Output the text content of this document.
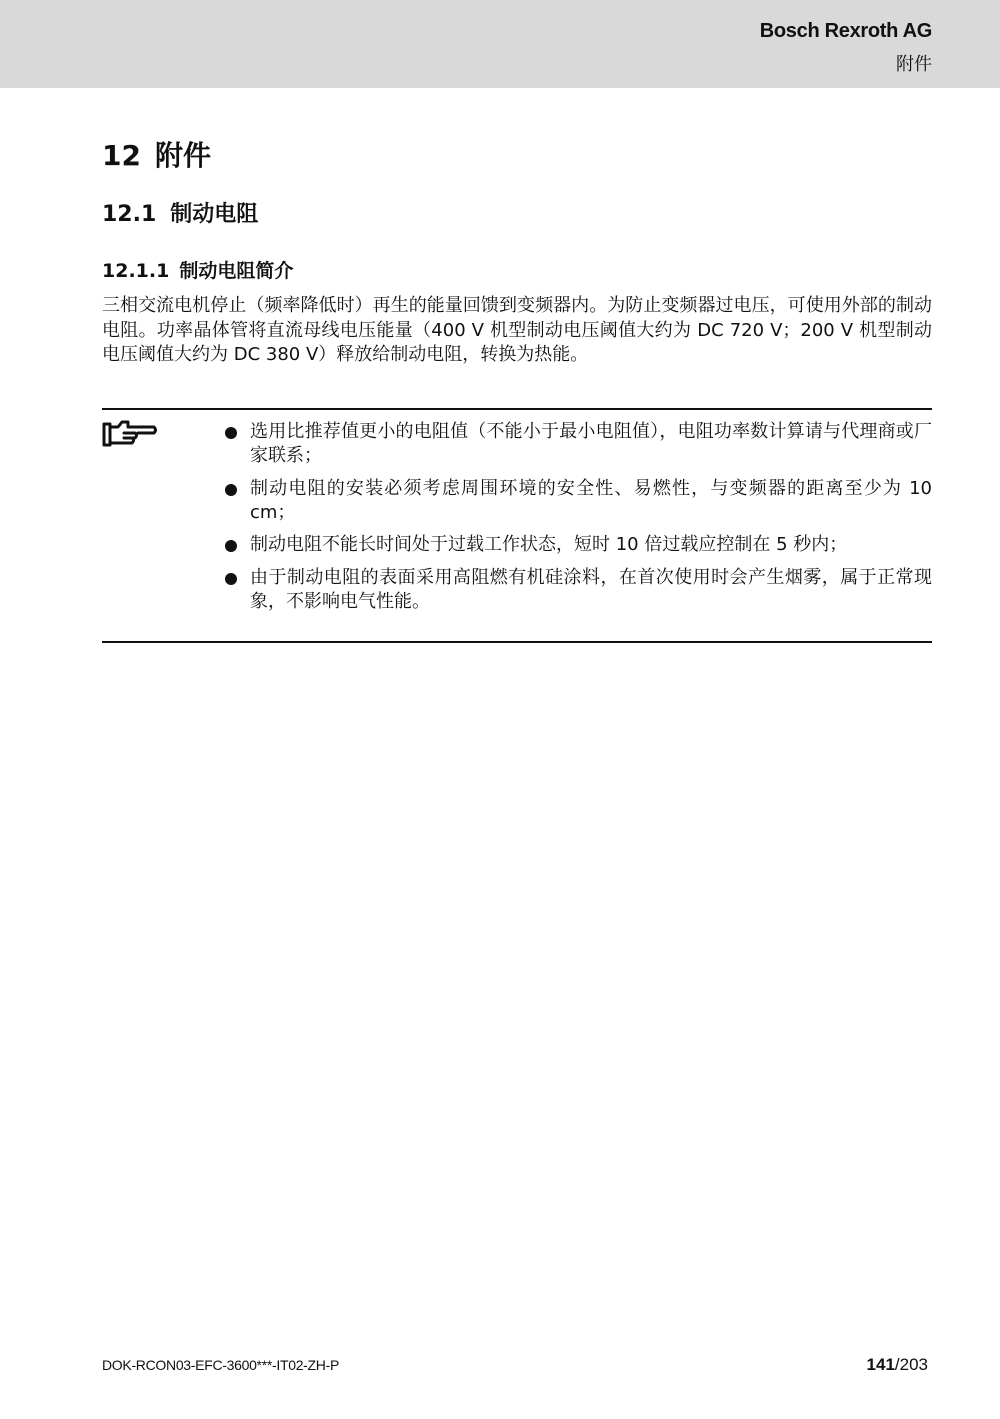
Bosch Rexroth AG
附件
12 附件
12.1 制动电阻
12.1.1 制动电阻简介

三相交流电机停止（频率降低时）再生的能量回馈到变频器内。为防止变频器过电压，可使用外部的制动电阻。功率晶体管将直流母线电压能量（400 V 机型制动电压阈值大约为 DC 720 V；200 V 机型制动电压阈值大约为 DC 380 V）释放给制动电阻，转换为热能。

选用比推荐值更小的电阻值（不能小于最小电阻值），电阻功率数计算请与代理商或厂家联系；
制动电阻的安装必须考虑周围环境的安全性、易燃性，与变频器的距离至少为 10 cm；
制动电阻不能长时间处于过载工作状态，短时 10 倍过载应控制在 5 秒内；
由于制动电阻的表面采用高阻燃有机硅涂料，在首次使用时会产生烟雾，属于正常现象，不影响电气性能。
DOK-RCON03-EFC-3600***-IT02-ZH-P	141/203
